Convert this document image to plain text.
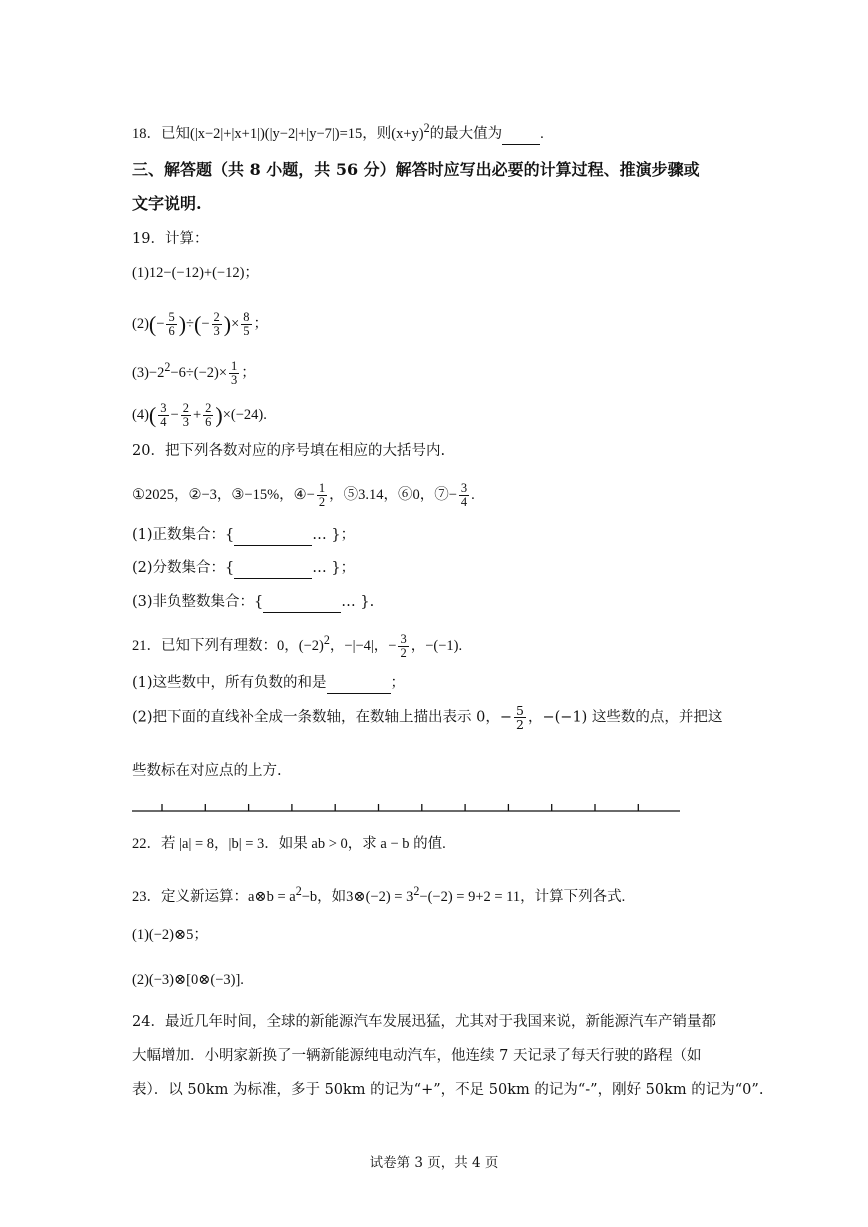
18．已知(|x−2|+|x+1|)(|y−2|+|y−7|)=15，则$(x+y)^2$的最大值为	.
三、解答题（共 8 小题，共 56 分）解答时应写出必要的计算过程、推演步骤或
文字说明.
19．计算：
(1)12−(−12)+(−12)；
$(2)(- \frac{5}{6}$ )÷(− $\frac{2}{3}$ )× $\frac{8}{5}$ ；
$(3)-2^2-6\div(-2)\times \frac{1}{3}$ ；
$(4)( \frac{3}{4} - \frac{2}{3} + \frac{2}{6} )\times(-24)$.
20．把下列各数对应的序号填在相应的大括号内.
①2025，②−3，③−15%，④− $\frac{1}{2}$ ，⑤3.14，⑥0，⑦− $\frac{3}{4}$ .
(1)正数集合：{	… }；
(2)分数集合：{	… }；
(3)非负整数集合：{	… }.
21．已知下列有理数：0，$(-2)^2$，−|−4|，− $\frac{3}{2}$ ，−(−1).
(1)这些数中，所有负数的和是	；
(2)把下面的直线补全成一条数轴，在数轴上描出表示 0，− $\frac{5}{2}$ ，−(−1) 这些数的点，并把这
些数标在对应点的上方.
22．若 |a| = 8，|b| = 3．如果 ab > 0，求 a − b 的值.
23．定义新运算：a⊗b = $a^2-b$，如3⊗(−2) = $3^2-(-2) = 9+2 = 11$，计算下列各式.
(1)(−2)⊗5；
(2)(−3)⊗[0⊗(−3)].
24．最近几年时间，全球的新能源汽车发展迅猛，尤其对于我国来说，新能源汽车产销量都
大幅增加．小明家新换了一辆新能源纯电动汽车，他连续 7 天记录了每天行驶的路程（如
表）．以 50km 为标准，多于 50km 的记为“+”，不足 50km 的记为“-”，刚好 50km 的记为“0”.
试卷第 3 页，共 4 页
